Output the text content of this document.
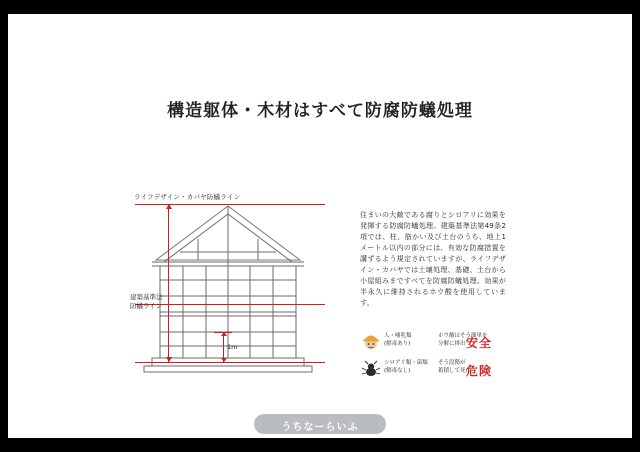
構造躯体・木材はすべて防腐防蟻処理
ライフデザイン・カバヤ防蟻ライン
建築基準法
防蟻ライン
1m
住まいの大敵である腐りとシロアリに効果を発揮する防腐防蟻処理。建築基準法第49条2項では、柱、筋かい及び土台のうち、地上1メートル以内の部分には、有効な防腐措置を講ずるよう規定されていますが、ライフデザイン・カバヤでは土壌処理、基礎、土台から小屋組みまですべてを防腐防蟻処理。効果が半永久に維持されるホウ酸を使用しています。
人・哺乳類
(解毒あり)
ホウ酸はそう簡単を
分解に排出
シロアリ類・菌類
(解毒なし)
そう段階が
蓄積して死亡
安全
危険
うちなーらいふ
